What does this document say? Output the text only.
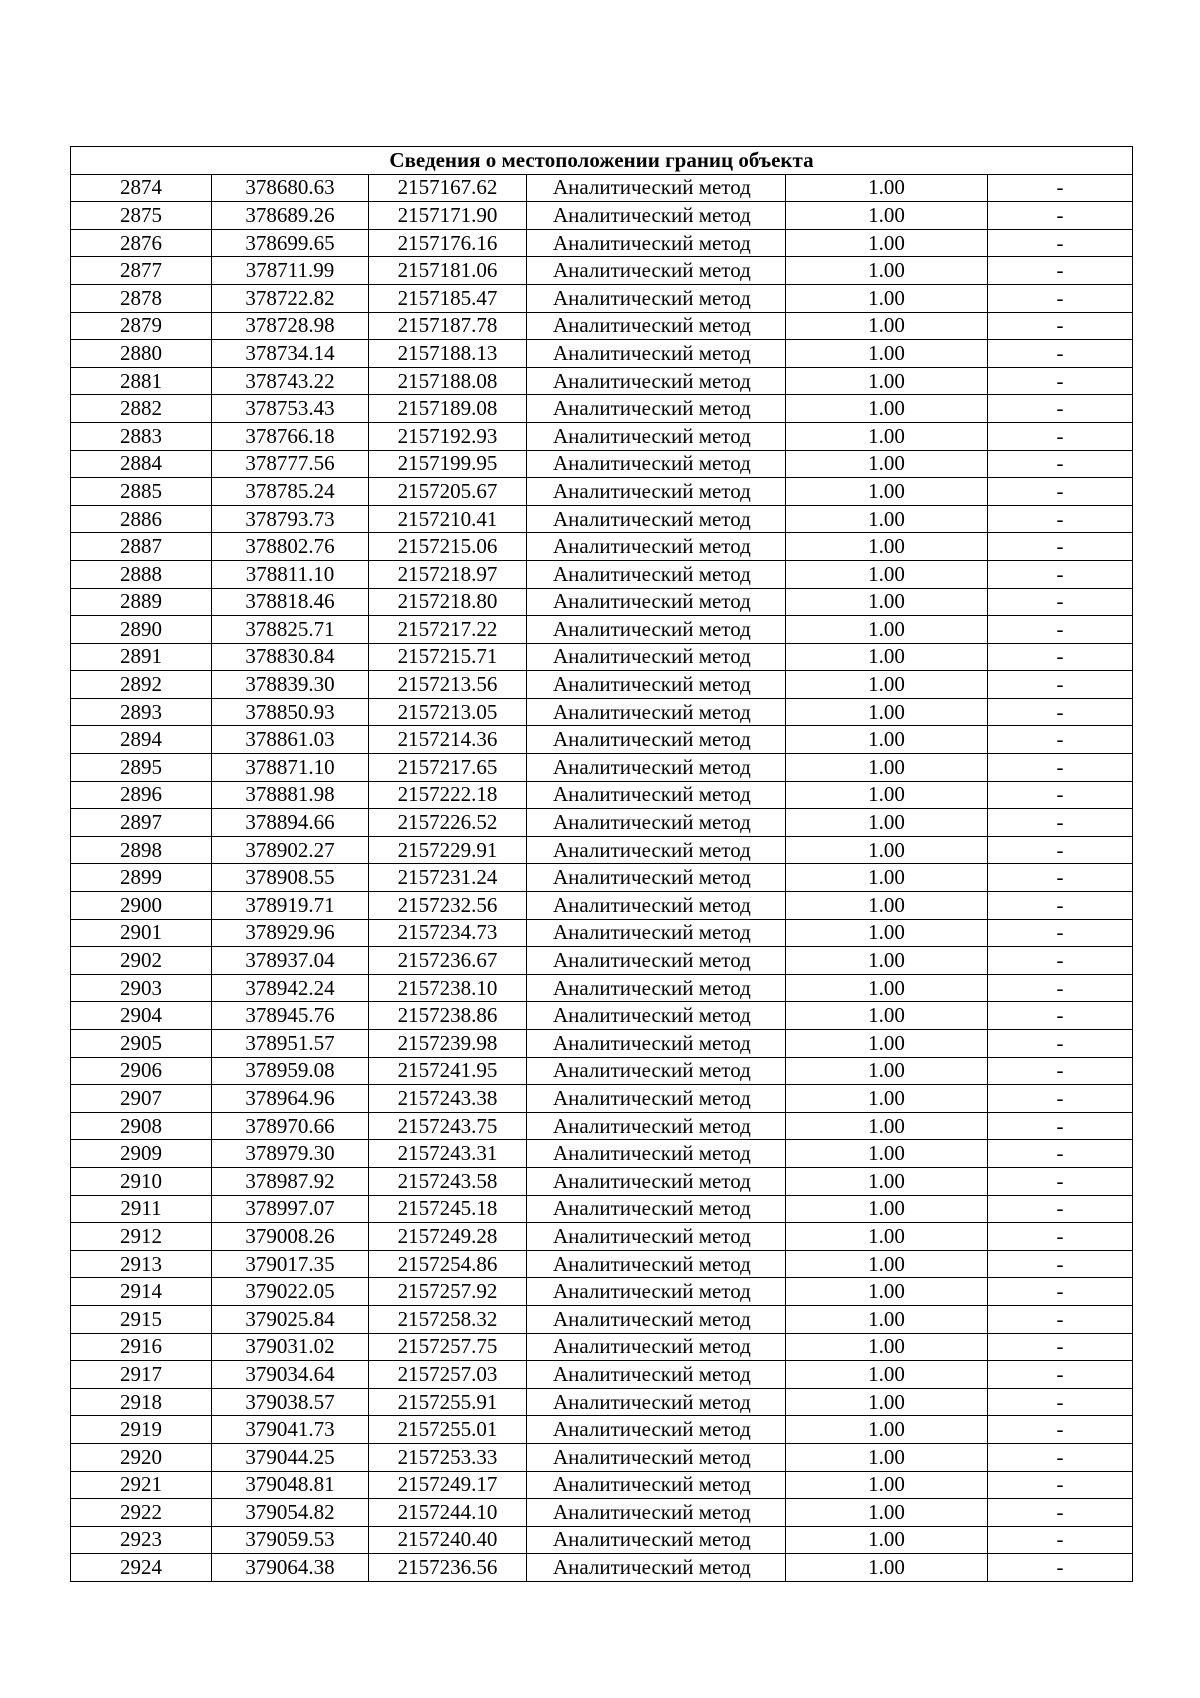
Сведения о местоположении границ объекта					
2874	378680.63	2157167.62	Аналитический метод	1.00	-
2875	378689.26	2157171.90	Аналитический метод	1.00	-
2876	378699.65	2157176.16	Аналитический метод	1.00	-
2877	378711.99	2157181.06	Аналитический метод	1.00	-
2878	378722.82	2157185.47	Аналитический метод	1.00	-
2879	378728.98	2157187.78	Аналитический метод	1.00	-
2880	378734.14	2157188.13	Аналитический метод	1.00	-
2881	378743.22	2157188.08	Аналитический метод	1.00	-
2882	378753.43	2157189.08	Аналитический метод	1.00	-
2883	378766.18	2157192.93	Аналитический метод	1.00	-
2884	378777.56	2157199.95	Аналитический метод	1.00	-
2885	378785.24	2157205.67	Аналитический метод	1.00	-
2886	378793.73	2157210.41	Аналитический метод	1.00	-
2887	378802.76	2157215.06	Аналитический метод	1.00	-
2888	378811.10	2157218.97	Аналитический метод	1.00	-
2889	378818.46	2157218.80	Аналитический метод	1.00	-
2890	378825.71	2157217.22	Аналитический метод	1.00	-
2891	378830.84	2157215.71	Аналитический метод	1.00	-
2892	378839.30	2157213.56	Аналитический метод	1.00	-
2893	378850.93	2157213.05	Аналитический метод	1.00	-
2894	378861.03	2157214.36	Аналитический метод	1.00	-
2895	378871.10	2157217.65	Аналитический метод	1.00	-
2896	378881.98	2157222.18	Аналитический метод	1.00	-
2897	378894.66	2157226.52	Аналитический метод	1.00	-
2898	378902.27	2157229.91	Аналитический метод	1.00	-
2899	378908.55	2157231.24	Аналитический метод	1.00	-
2900	378919.71	2157232.56	Аналитический метод	1.00	-
2901	378929.96	2157234.73	Аналитический метод	1.00	-
2902	378937.04	2157236.67	Аналитический метод	1.00	-
2903	378942.24	2157238.10	Аналитический метод	1.00	-
2904	378945.76	2157238.86	Аналитический метод	1.00	-
2905	378951.57	2157239.98	Аналитический метод	1.00	-
2906	378959.08	2157241.95	Аналитический метод	1.00	-
2907	378964.96	2157243.38	Аналитический метод	1.00	-
2908	378970.66	2157243.75	Аналитический метод	1.00	-
2909	378979.30	2157243.31	Аналитический метод	1.00	-
2910	378987.92	2157243.58	Аналитический метод	1.00	-
2911	378997.07	2157245.18	Аналитический метод	1.00	-
2912	379008.26	2157249.28	Аналитический метод	1.00	-
2913	379017.35	2157254.86	Аналитический метод	1.00	-
2914	379022.05	2157257.92	Аналитический метод	1.00	-
2915	379025.84	2157258.32	Аналитический метод	1.00	-
2916	379031.02	2157257.75	Аналитический метод	1.00	-
2917	379034.64	2157257.03	Аналитический метод	1.00	-
2918	379038.57	2157255.91	Аналитический метод	1.00	-
2919	379041.73	2157255.01	Аналитический метод	1.00	-
2920	379044.25	2157253.33	Аналитический метод	1.00	-
2921	379048.81	2157249.17	Аналитический метод	1.00	-
2922	379054.82	2157244.10	Аналитический метод	1.00	-
2923	379059.53	2157240.40	Аналитический метод	1.00	-
2924	379064.38	2157236.56	Аналитический метод	1.00	-
